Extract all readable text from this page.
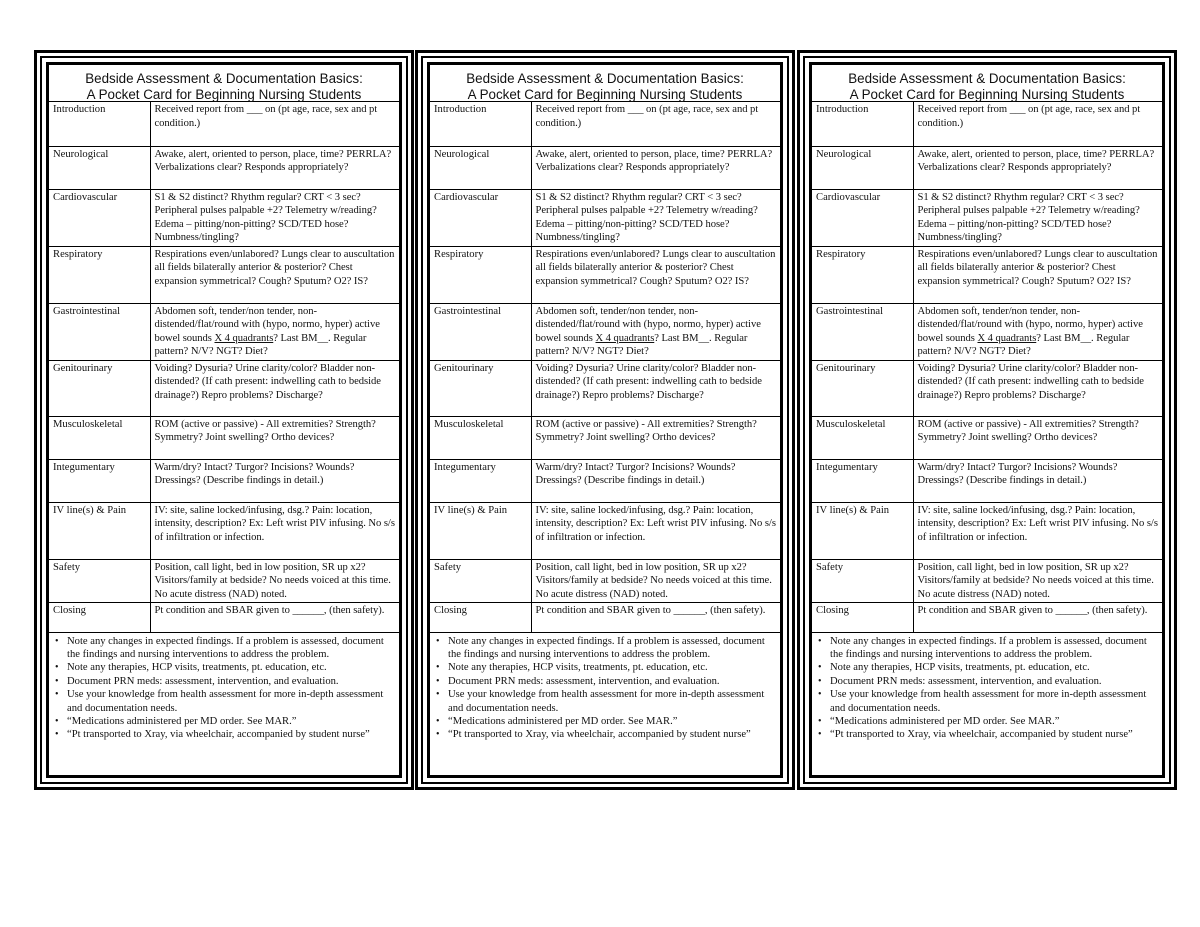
Bedside Assessment & Documentation Basics:
A Pocket Card for Beginning Nursing Students
Introduction	Received report from ___ on (pt age, race, sex and pt condition.)
Neurological	Awake, alert, oriented to person, place, time? PERRLA? Verbalizations clear? Responds appropriately?
Cardiovascular	S1 & S2 distinct? Rhythm regular? CRT < 3 sec? Peripheral pulses palpable +2? Telemetry w/reading? Edema – pitting/non-pitting? SCD/TED hose? Numbness/tingling?
Respiratory	Respirations even/unlabored? Lungs clear to auscultation all fields bilaterally anterior & posterior? Chest expansion symmetrical? Cough? Sputum? O2? IS?
Gastrointestinal	Abdomen soft, tender/non tender, non-distended/flat/round with (hypo, normo, hyper) active bowel sounds X 4 quadrants? Last BM__. Regular pattern? N/V? NGT? Diet?
Genitourinary	Voiding? Dysuria? Urine clarity/color? Bladder non-distended? (If cath present: indwelling cath to bedside drainage?) Repro problems? Discharge?
Musculoskeletal	ROM (active or passive) - All extremities? Strength? Symmetry? Joint swelling? Ortho devices?
Integumentary	Warm/dry? Intact? Turgor? Incisions? Wounds? Dressings? (Describe findings in detail.)
IV line(s) & Pain	IV: site, saline locked/infusing, dsg.? Pain: location, intensity, description? Ex: Left wrist PIV infusing. No s/s of infiltration or infection.
Safety	Position, call light, bed in low position, SR up x2? Visitors/family at bedside? No needs voiced at this time. No acute distress (NAD) noted.
Closing	Pt condition and SBAR given to ______, (then safety).
• Note any changes in expected findings. If a problem is assessed, document the findings and nursing interventions to address the problem.
• Note any therapies, HCP visits, treatments, pt. education, etc.
• Document PRN meds: assessment, intervention, and evaluation.
• Use your knowledge from health assessment for more in-depth assessment and documentation needs.
• “Medications administered per MD order. See MAR.”
• “Pt transported to Xray, via wheelchair, accompanied by student nurse”
Bedside Assessment & Documentation Basics:
A Pocket Card for Beginning Nursing Students
Introduction	Received report from ___ on (pt age, race, sex and pt condition.)
Neurological	Awake, alert, oriented to person, place, time? PERRLA? Verbalizations clear? Responds appropriately?
Cardiovascular	S1 & S2 distinct? Rhythm regular? CRT < 3 sec? Peripheral pulses palpable +2? Telemetry w/reading? Edema – pitting/non-pitting? SCD/TED hose? Numbness/tingling?
Respiratory	Respirations even/unlabored? Lungs clear to auscultation all fields bilaterally anterior & posterior? Chest expansion symmetrical? Cough? Sputum? O2? IS?
Gastrointestinal	Abdomen soft, tender/non tender, non-distended/flat/round with (hypo, normo, hyper) active bowel sounds X 4 quadrants? Last BM__. Regular pattern? N/V? NGT? Diet?
Genitourinary	Voiding? Dysuria? Urine clarity/color? Bladder non-distended? (If cath present: indwelling cath to bedside drainage?) Repro problems? Discharge?
Musculoskeletal	ROM (active or passive) - All extremities? Strength? Symmetry? Joint swelling? Ortho devices?
Integumentary	Warm/dry? Intact? Turgor? Incisions? Wounds? Dressings? (Describe findings in detail.)
IV line(s) & Pain	IV: site, saline locked/infusing, dsg.? Pain: location, intensity, description? Ex: Left wrist PIV infusing. No s/s of infiltration or infection.
Safety	Position, call light, bed in low position, SR up x2? Visitors/family at bedside? No needs voiced at this time. No acute distress (NAD) noted.
Closing	Pt condition and SBAR given to ______, (then safety).
• Note any changes in expected findings. If a problem is assessed, document the findings and nursing interventions to address the problem.
• Note any therapies, HCP visits, treatments, pt. education, etc.
• Document PRN meds: assessment, intervention, and evaluation.
• Use your knowledge from health assessment for more in-depth assessment and documentation needs.
• “Medications administered per MD order. See MAR.”
• “Pt transported to Xray, via wheelchair, accompanied by student nurse”
Bedside Assessment & Documentation Basics:
A Pocket Card for Beginning Nursing Students
Introduction	Received report from ___ on (pt age, race, sex and pt condition.)
Neurological	Awake, alert, oriented to person, place, time? PERRLA? Verbalizations clear? Responds appropriately?
Cardiovascular	S1 & S2 distinct? Rhythm regular? CRT < 3 sec? Peripheral pulses palpable +2? Telemetry w/reading? Edema – pitting/non-pitting? SCD/TED hose? Numbness/tingling?
Respiratory	Respirations even/unlabored? Lungs clear to auscultation all fields bilaterally anterior & posterior? Chest expansion symmetrical? Cough? Sputum? O2? IS?
Gastrointestinal	Abdomen soft, tender/non tender, non-distended/flat/round with (hypo, normo, hyper) active bowel sounds X 4 quadrants? Last BM__. Regular pattern? N/V? NGT? Diet?
Genitourinary	Voiding? Dysuria? Urine clarity/color? Bladder non-distended? (If cath present: indwelling cath to bedside drainage?) Repro problems? Discharge?
Musculoskeletal	ROM (active or passive) - All extremities? Strength? Symmetry? Joint swelling? Ortho devices?
Integumentary	Warm/dry? Intact? Turgor? Incisions? Wounds? Dressings? (Describe findings in detail.)
IV line(s) & Pain	IV: site, saline locked/infusing, dsg.? Pain: location, intensity, description? Ex: Left wrist PIV infusing. No s/s of infiltration or infection.
Safety	Position, call light, bed in low position, SR up x2? Visitors/family at bedside? No needs voiced at this time. No acute distress (NAD) noted.
Closing	Pt condition and SBAR given to ______, (then safety).
• Note any changes in expected findings. If a problem is assessed, document the findings and nursing interventions to address the problem.
• Note any therapies, HCP visits, treatments, pt. education, etc.
• Document PRN meds: assessment, intervention, and evaluation.
• Use your knowledge from health assessment for more in-depth assessment and documentation needs.
• “Medications administered per MD order. See MAR.”
• “Pt transported to Xray, via wheelchair, accompanied by student nurse”
